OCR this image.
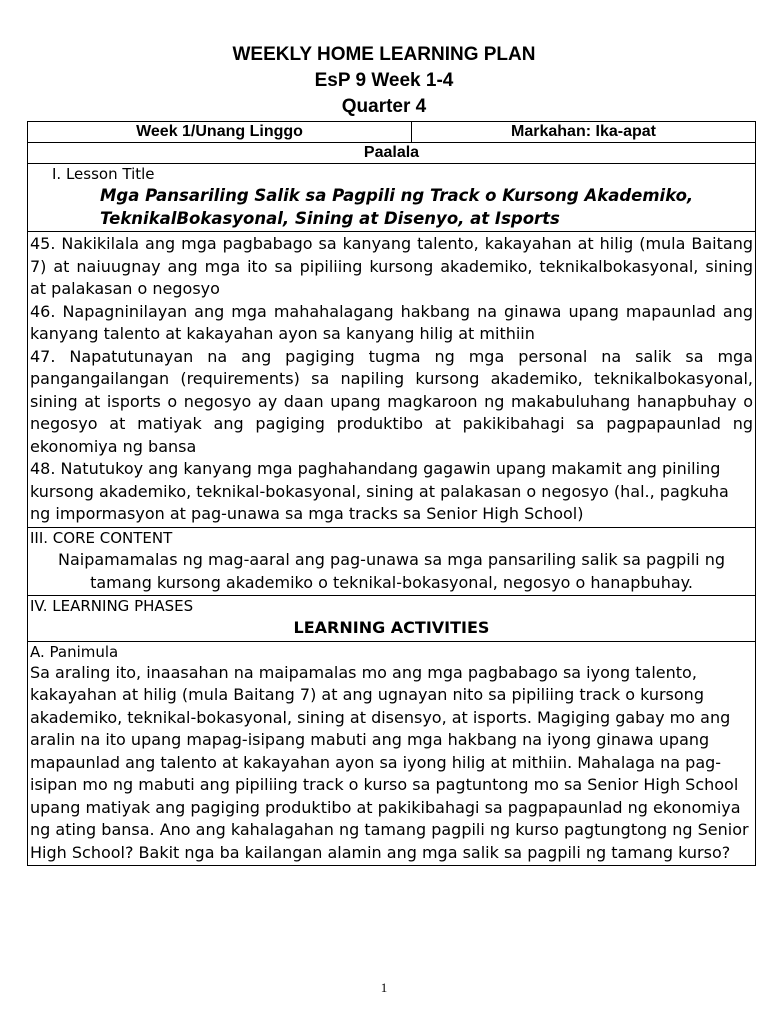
WEEKLY HOME LEARNING PLAN
EsP 9 Week 1-4
Quarter 4
Week 1/Unang Linggo	Markahan: Ika-apat
Paalala

I. Lesson Title
Mga Pansariling Salik sa Pagpili ng Track o Kursong Akademiko, TeknikalBokasyonal, Sining at Disenyo, at Isports

45. Nakikilala ang mga pagbabago sa kanyang talento, kakayahan at hilig (mula Baitang 7) at naiuugnay ang mga ito sa pipiliing kursong akademiko, teknikalbokasyonal, sining at palakasan o negosyo
46. Napagninilayan ang mga mahahalagang hakbang na ginawa upang mapaunlad ang kanyang talento at kakayahan ayon sa kanyang hilig at mithiin
47. Napatutunayan na ang pagiging tugma ng mga personal na salik sa mga pangangailangan (requirements) sa napiling kursong akademiko, teknikalbokasyonal, sining at isports o negosyo ay daan upang magkaroon ng makabuluhang hanapbuhay o negosyo at matiyak ang pagiging produktibo at pakikibahagi sa pagpapaunlad ng ekonomiya ng bansa
48. Natutukoy ang kanyang mga paghahandang gagawin upang makamit ang piniling kursong akademiko, teknikal-bokasyonal, sining at palakasan o negosyo (hal., pagkuha ng impormasyon at pag-unawa sa mga tracks sa Senior High School)

III. CORE CONTENT
Naipamamalas ng mag-aaral ang pag-unawa sa mga pansariling salik sa pagpili ng tamang kursong akademiko o teknikal-bokasyonal, negosyo o hanapbuhay.

IV. LEARNING PHASES
LEARNING ACTIVITIES

A. Panimula
Sa araling ito, inaasahan na maipamalas mo ang mga pagbabago sa iyong talento, kakayahan at hilig (mula Baitang 7) at ang ugnayan nito sa pipiliing track o kursong akademiko, teknikal-bokasyonal, sining at disensyo, at isports. Magiging gabay mo ang aralin na ito upang mapag-isipang mabuti ang mga hakbang na iyong ginawa upang mapaunlad ang talento at kakayahan ayon sa iyong hilig at mithiin. Mahalaga na pag-isipan mo ng mabuti ang pipiliing track o kurso sa pagtuntong mo sa Senior High School upang matiyak ang pagiging produktibo at pakikibahagi sa pagpapaunlad ng ekonomiya ng ating bansa. Ano ang kahalagahan ng tamang pagpili ng kurso pagtungtong ng Senior High School? Bakit nga ba kailangan alamin ang mga salik sa pagpili ng tamang kurso?
1
